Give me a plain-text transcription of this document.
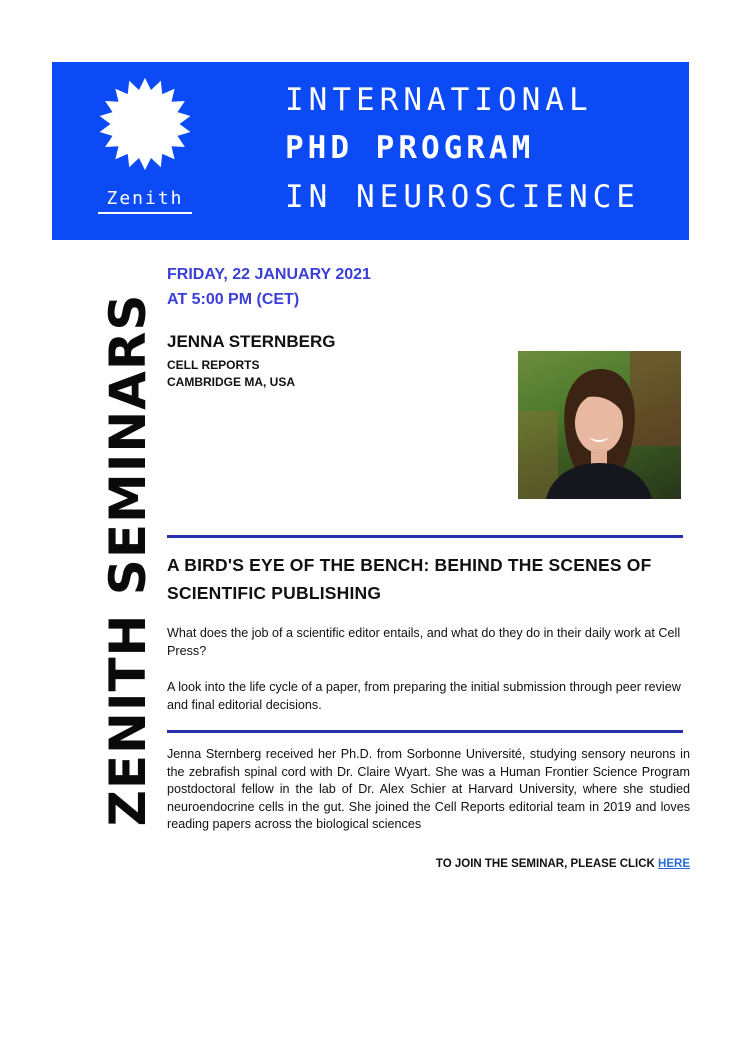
Zenith
INTERNATIONAL
PHD PROGRAM
IN NEUROSCIENCE
ZENITH SEMINARS
FRIDAY, 22 JANUARY 2021
AT 5:00 PM (CET)
JENNA STERNBERG
CELL REPORTS
CAMBRIDGE MA, USA
A BIRD'S EYE OF THE BENCH: BEHIND THE SCENES OF SCIENTIFIC PUBLISHING
What does the job of a scientific editor entails, and what do they do in their daily work at Cell Press?
A look into the life cycle of a paper, from preparing the initial submission through peer review and final editorial decisions.
Jenna Sternberg received her Ph.D. from Sorbonne Université, studying sensory neurons in the zebrafish spinal cord with Dr. Claire Wyart. She was a Human Frontier Science Program postdoctoral fellow in the lab of Dr. Alex Schier at Harvard University, where she studied neuroendocrine cells in the gut. She joined the Cell Reports editorial team in 2019 and loves reading papers across the biological sciences
TO JOIN THE SEMINAR, PLEASE CLICK HERE
